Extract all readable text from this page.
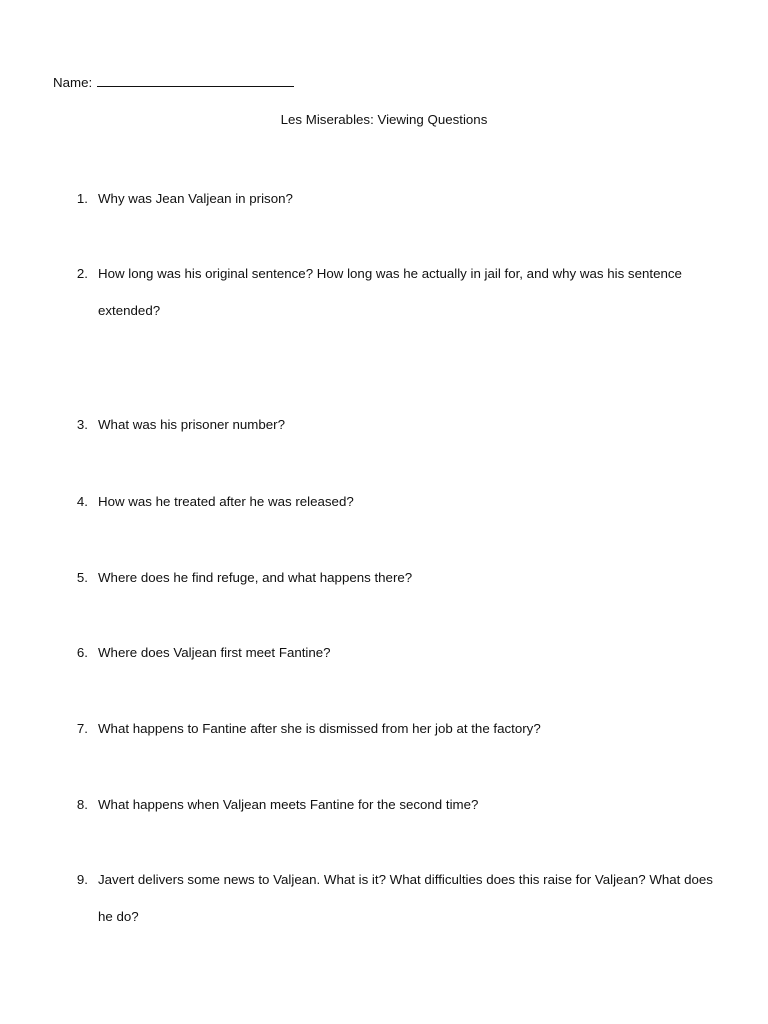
Name:
Les Miserables: Viewing Questions
1. Why was Jean Valjean in prison?
2. How long was his original sentence? How long was he actually in jail for, and why was his sentence extended?
3. What was his prisoner number?
4. How was he treated after he was released?
5. Where does he find refuge, and what happens there?
6. Where does Valjean first meet Fantine?
7. What happens to Fantine after she is dismissed from her job at the factory?
8. What happens when Valjean meets Fantine for the second time?
9. Javert delivers some news to Valjean. What is it? What difficulties does this raise for Valjean? What does he do?
